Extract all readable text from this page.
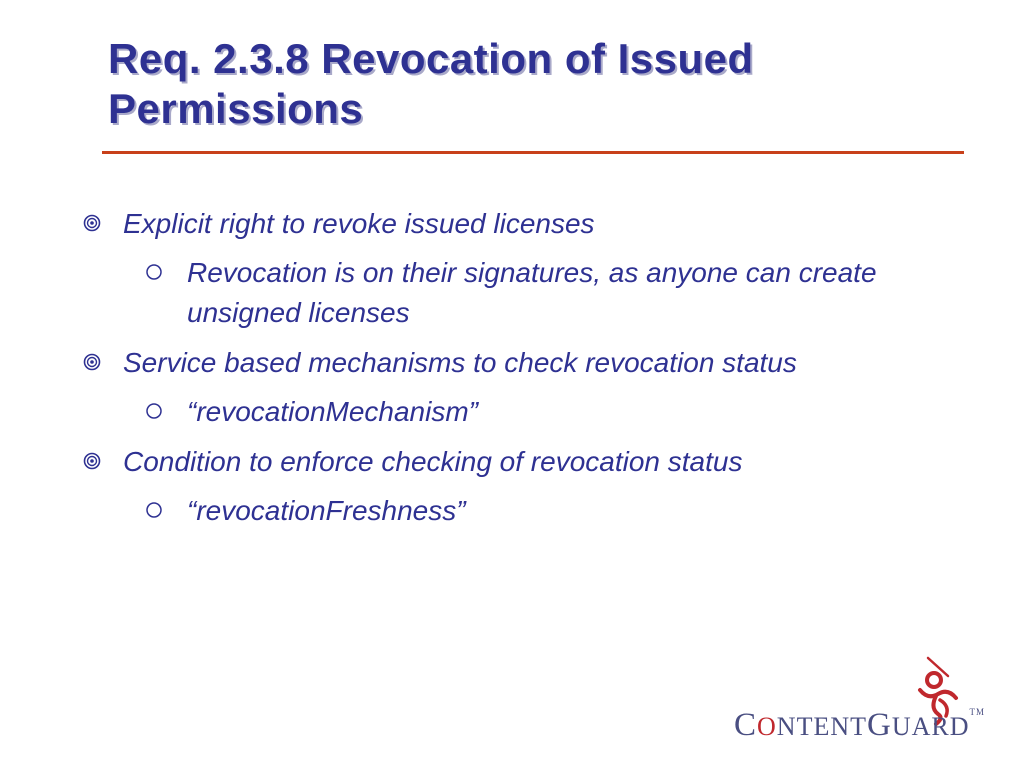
Req. 2.3.8 Revocation of Issued Permissions
Explicit right to revoke issued licenses
Revocation is on their signatures, as anyone can create unsigned licenses
Service based mechanisms to check revocation status
“revocationMechanism”
Condition to enforce checking of revocation status
“revocationFreshness”
CONTENTGUARD™
